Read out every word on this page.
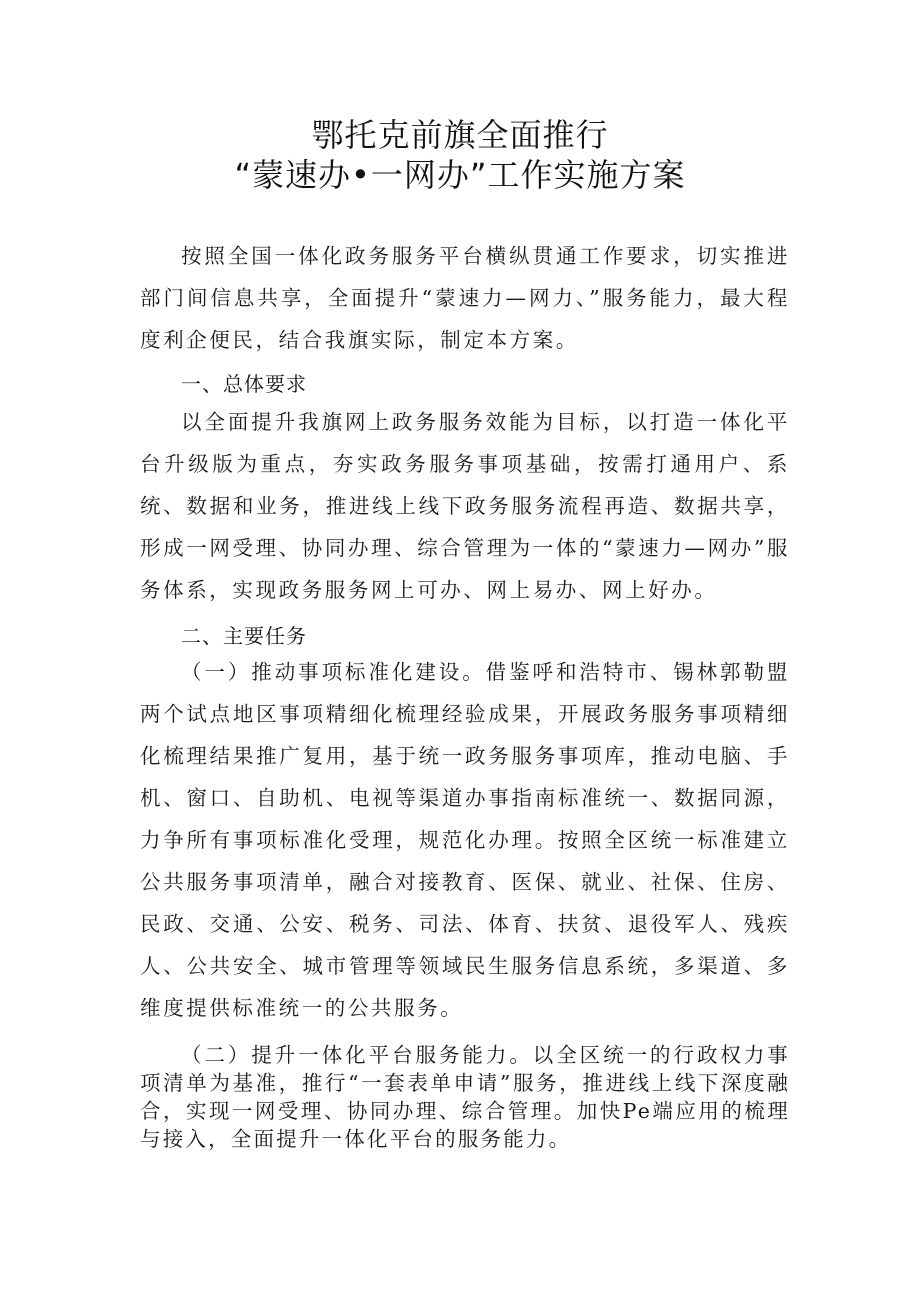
鄂托克前旗全面推行
“蒙速办•一网办”工作实施方案

按照全国一体化政务服务平台横纵贯通工作要求，切实推进部门间信息共享，全面提升“蒙速力—网力、”服务能力，最大程度利企便民，结合我旗实际，制定本方案。

一、总体要求

以全面提升我旗网上政务服务效能为目标，以打造一体化平台升级版为重点，夯实政务服务事项基础，按需打通用户、系统、数据和业务，推进线上线下政务服务流程再造、数据共享，形成一网受理、协同办理、综合管理为一体的“蒙速力—网办”服务体系，实现政务服务网上可办、网上易办、网上好办。

二、主要任务

（一）推动事项标准化建设。借鉴呼和浩特市、锡林郭勒盟两个试点地区事项精细化梳理经验成果，开展政务服务事项精细化梳理结果推广复用，基于统一政务服务事项库，推动电脑、手机、窗口、自助机、电视等渠道办事指南标准统一、数据同源，力争所有事项标准化受理，规范化办理。按照全区统一标准建立公共服务事项清单，融合对接教育、医保、就业、社保、住房、民政、交通、公安、税务、司法、体育、扶贫、退役军人、残疾人、公共安全、城市管理等领域民生服务信息系统，多渠道、多维度提供标准统一的公共服务。

（二）提升一体化平台服务能力。以全区统一的行政权力事项清单为基准，推行“一套表单申请”服务，推进线上线下深度融合，实现一网受理、协同办理、综合管理。加快Pe端应用的梳理与接入，全面提升一体化平台的服务能力。
